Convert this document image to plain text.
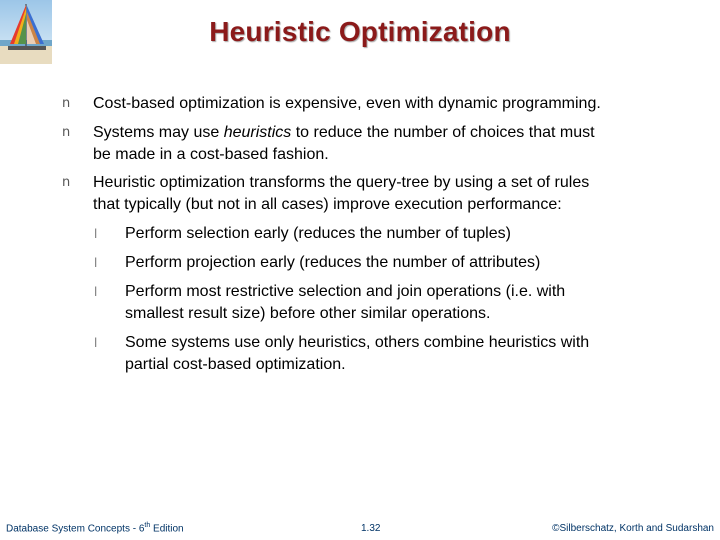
Heuristic Optimization
n	Cost-based optimization is expensive, even with dynamic programming.
n	Systems may use heuristics to reduce the number of choices that must
be made in a cost-based fashion.
n	Heuristic optimization transforms the query-tree by using a set of rules
that typically (but not in all cases) improve execution performance:
l	Perform selection early (reduces the number of tuples)
l	Perform projection early (reduces the number of attributes)
l	Perform most restrictive selection and join operations (i.e. with
smallest result size) before other similar operations.
l	Some systems use only heuristics, others combine heuristics with
partial cost-based optimization.
Database System Concepts - 6th Edition	1.32	©Silberschatz, Korth and Sudarshan
